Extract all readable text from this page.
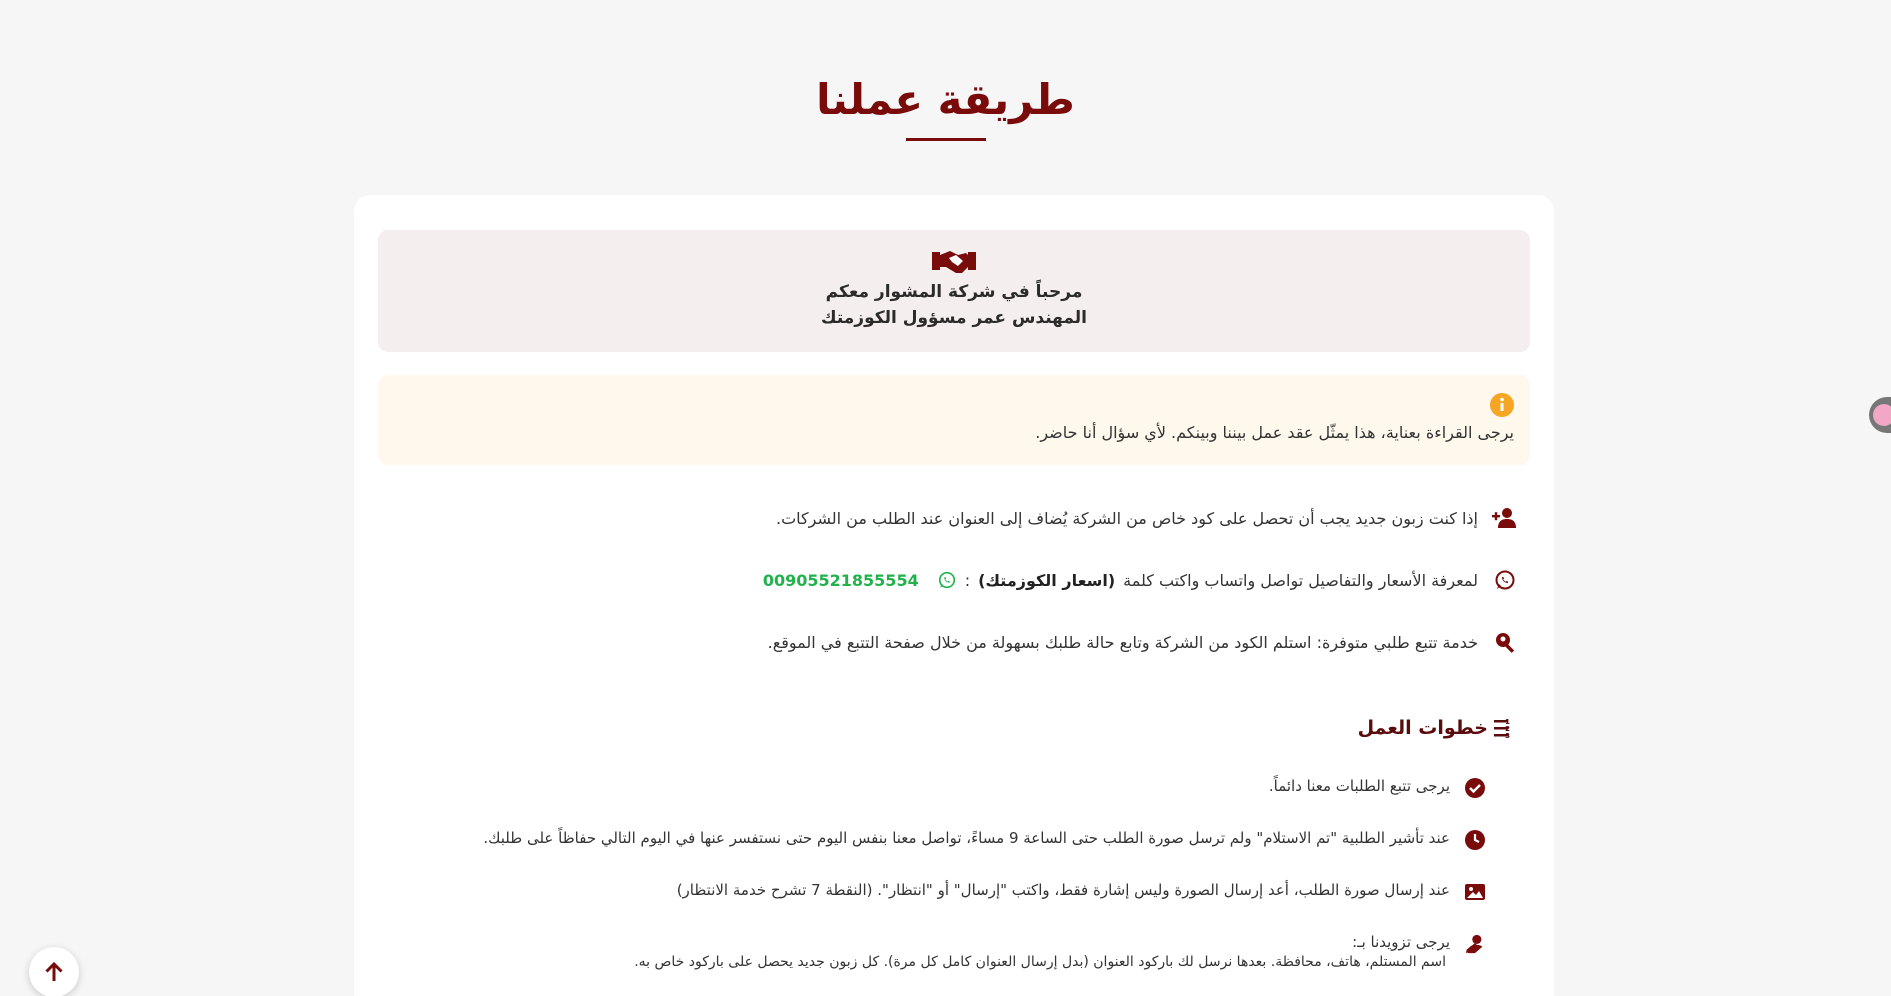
طريقة عملنا
مرحباً في شركة المشوار معكم
المهندس عمر مسؤول الكوزمتك
يرجى القراءة بعناية، هذا يمثّل عقد عمل بيننا وبينكم. لأي سؤال أنا حاضر.
إذا كنت زبون جديد يجب أن تحصل على كود خاص من الشركة يُضاف إلى العنوان عند الطلب من الشركات.
لمعرفة الأسعار والتفاصيل تواصل واتساب واكتب كلمة
(اسعار الكوزمتك)
:
00905521855554
خدمة تتبع طلبي متوفرة: استلم الكود من الشركة وتابع حالة طلبك بسهولة من خلال صفحة التتبع في الموقع.
1
2
3
خطوات العمل
يرجى تتبع الطلبات معنا دائماً.
عند تأشير الطلبية "تم الاستلام" ولم ترسل صورة الطلب حتى الساعة 9 مساءً، تواصل معنا بنفس اليوم حتى نستفسر عنها في اليوم التالي حفاظاً على طلبك.
عند إرسال صورة الطلب، أعد إرسال الصورة وليس إشارة فقط، واكتب "إرسال" أو "انتظار". (النقطة 7 تشرح خدمة الانتظار)
يرجى تزويدنا بـ:
اسم المستلم، هاتف، محافظة. بعدها نرسل لك باركود العنوان (بدل إرسال العنوان كامل كل مرة). كل زبون جديد يحصل على باركود خاص به.
